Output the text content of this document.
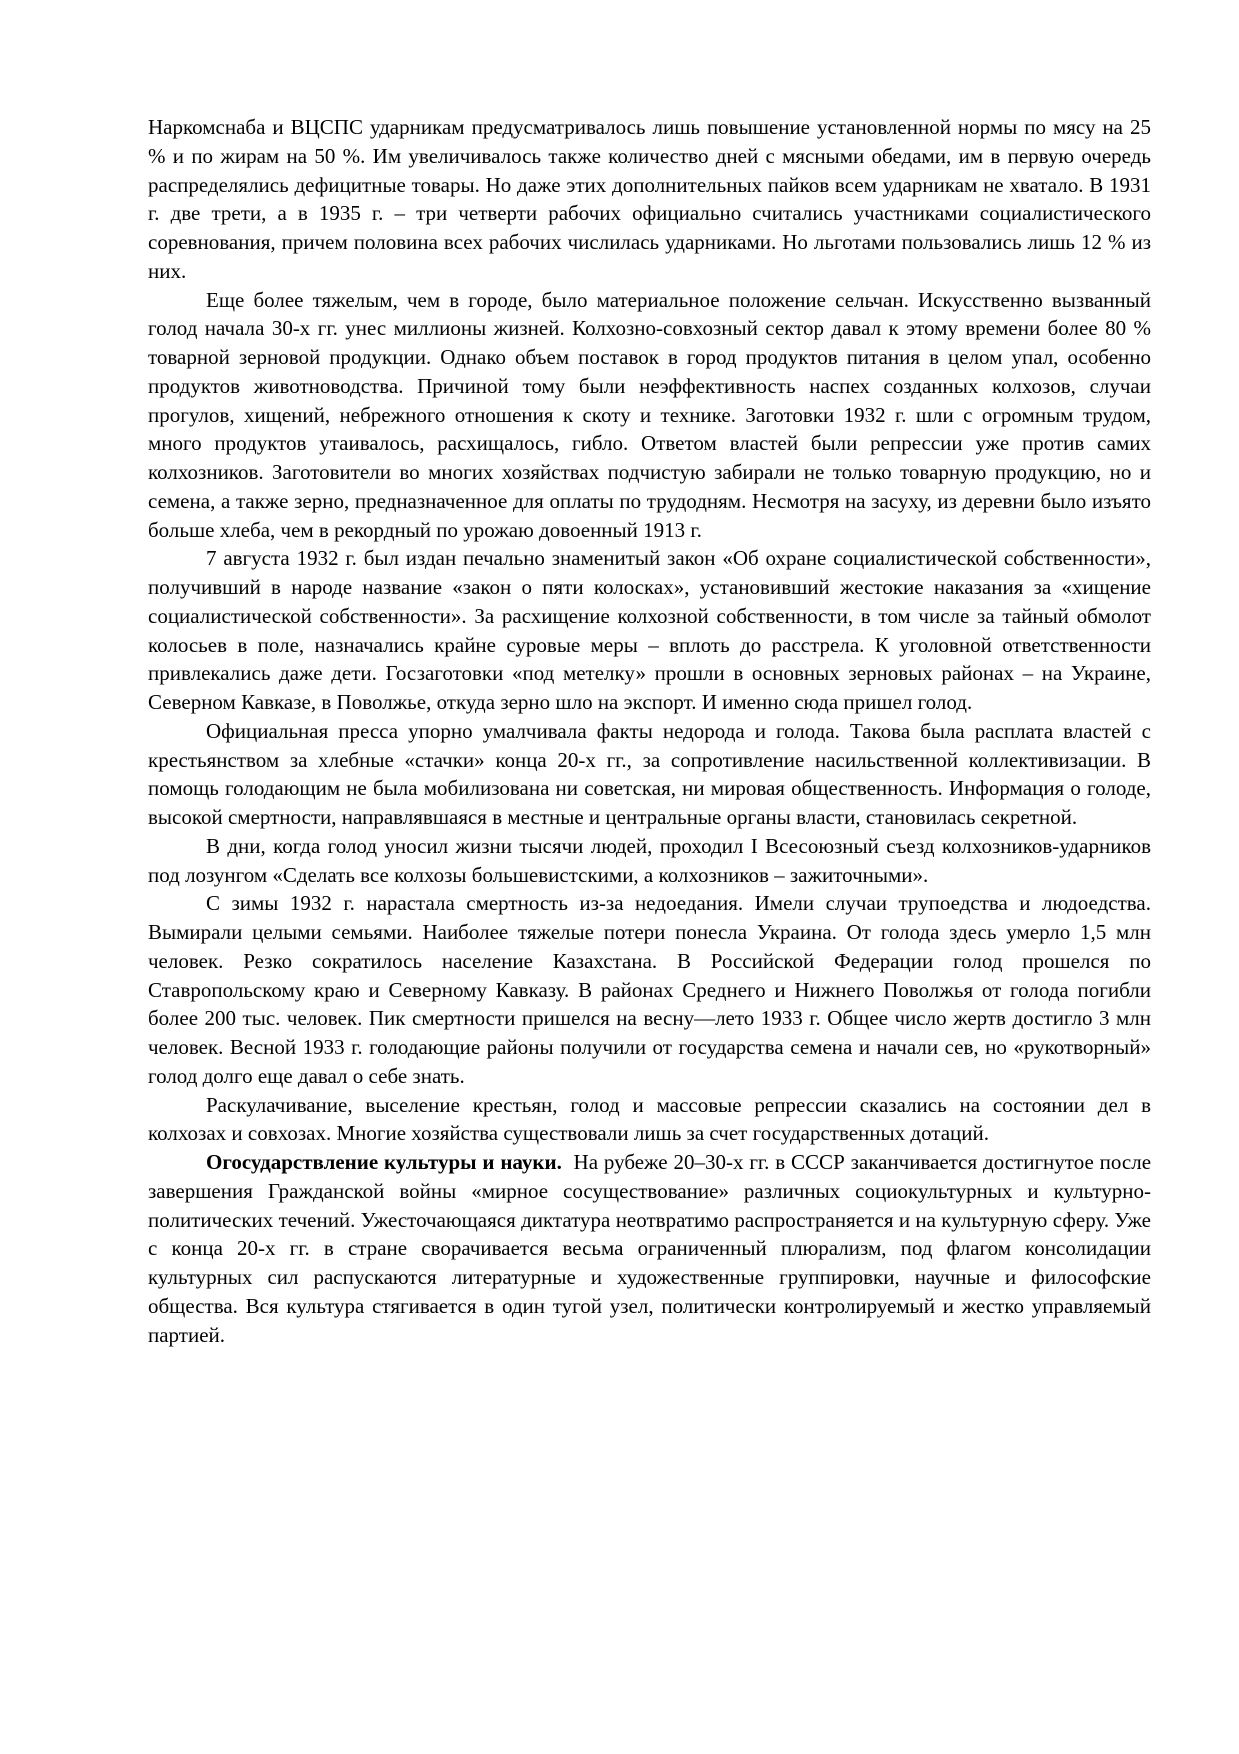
Наркомснаба и ВЦСПС ударникам предусматривалось лишь повышение установленной нормы по мясу на 25 % и по жирам на 50 %. Им увеличивалось также количество дней с мясными обедами, им в первую очередь распределялись дефицитные товары. Но даже этих дополнительных пайков всем ударникам не хватало. В 1931 г. две трети, а в 1935 г. – три четверти рабочих официально считались участниками социалистического соревнования, причем половина всех рабочих числилась ударниками. Но льготами пользовались лишь 12 % из них.

Еще более тяжелым, чем в городе, было материальное положение сельчан. Искусственно вызванный голод начала 30-х гг. унес миллионы жизней. Колхозно-совхозный сектор давал к этому времени более 80 % товарной зерновой продукции. Однако объем поставок в город продуктов питания в целом упал, особенно продуктов животноводства. Причиной тому были неэффективность наспех созданных колхозов, случаи прогулов, хищений, небрежного отношения к скоту и технике. Заготовки 1932 г. шли с огромным трудом, много продуктов утаивалось, расхищалось, гибло. Ответом властей были репрессии уже против самих колхозников. Заготовители во многих хозяйствах подчистую забирали не только товарную продукцию, но и семена, а также зерно, предназначенное для оплаты по трудодням. Несмотря на засуху, из деревни было изъято больше хлеба, чем в рекордный по урожаю довоенный 1913 г.

7 августа 1932 г. был издан печально знаменитый закон «Об охране социалистической собственности», получивший в народе название «закон о пяти колосках», установивший жестокие наказания за «хищение социалистической собственности». За расхищение колхозной собственности, в том числе за тайный обмолот колосьев в поле, назначались крайне суровые меры – вплоть до расстрела. К уголовной ответственности привлекались даже дети. Госзаготовки «под метелку» прошли в основных зерновых районах – на Украине, Северном Кавказе, в Поволжье, откуда зерно шло на экспорт. И именно сюда пришел голод.

Официальная пресса упорно умалчивала факты недорода и голода. Такова была расплата властей с крестьянством за хлебные «стачки» конца 20-х гг., за сопротивление насильственной коллективизации. В помощь голодающим не была мобилизована ни советская, ни мировая общественность. Информация о голоде, высокой смертности, направлявшаяся в местные и центральные органы власти, становилась секретной.

В дни, когда голод уносил жизни тысячи людей, проходил I Всесоюзный съезд колхозников-ударников под лозунгом «Сделать все колхозы большевистскими, а колхозников – зажиточными».

С зимы 1932 г. нарастала смертность из-за недоедания. Имели случаи трупоедства и людоедства. Вымирали целыми семьями. Наиболее тяжелые потери понесла Украина. От голода здесь умерло 1,5 млн человек. Резко сократилось население Казахстана. В Российской Федерации голод прошелся по Ставропольскому краю и Северному Кавказу. В районах Среднего и Нижнего Поволжья от голода погибли более 200 тыс. человек. Пик смертности пришелся на весну—лето 1933 г. Общее число жертв достигло 3 млн человек. Весной 1933 г. голодающие районы получили от государства семена и начали сев, но «рукотворный» голод долго еще давал о себе знать.

Раскулачивание, выселение крестьян, голод и массовые репрессии сказались на состоянии дел в колхозах и совхозах. Многие хозяйства существовали лишь за счет государственных дотаций.

Огосударствление культуры и науки. На рубеже 20–30-х гг. в СССР заканчивается достигнутое после завершения Гражданской войны «мирное сосуществование» различных социокультурных и культурно-политических течений. Ужесточающаяся диктатура неотвратимо распространяется и на культурную сферу. Уже с конца 20-х гг. в стране сворачивается весьма ограниченный плюрализм, под флагом консолидации культурных сил распускаются литературные и художественные группировки, научные и философские общества. Вся культура стягивается в один тугой узел, политически контролируемый и жестко управляемый партией.
